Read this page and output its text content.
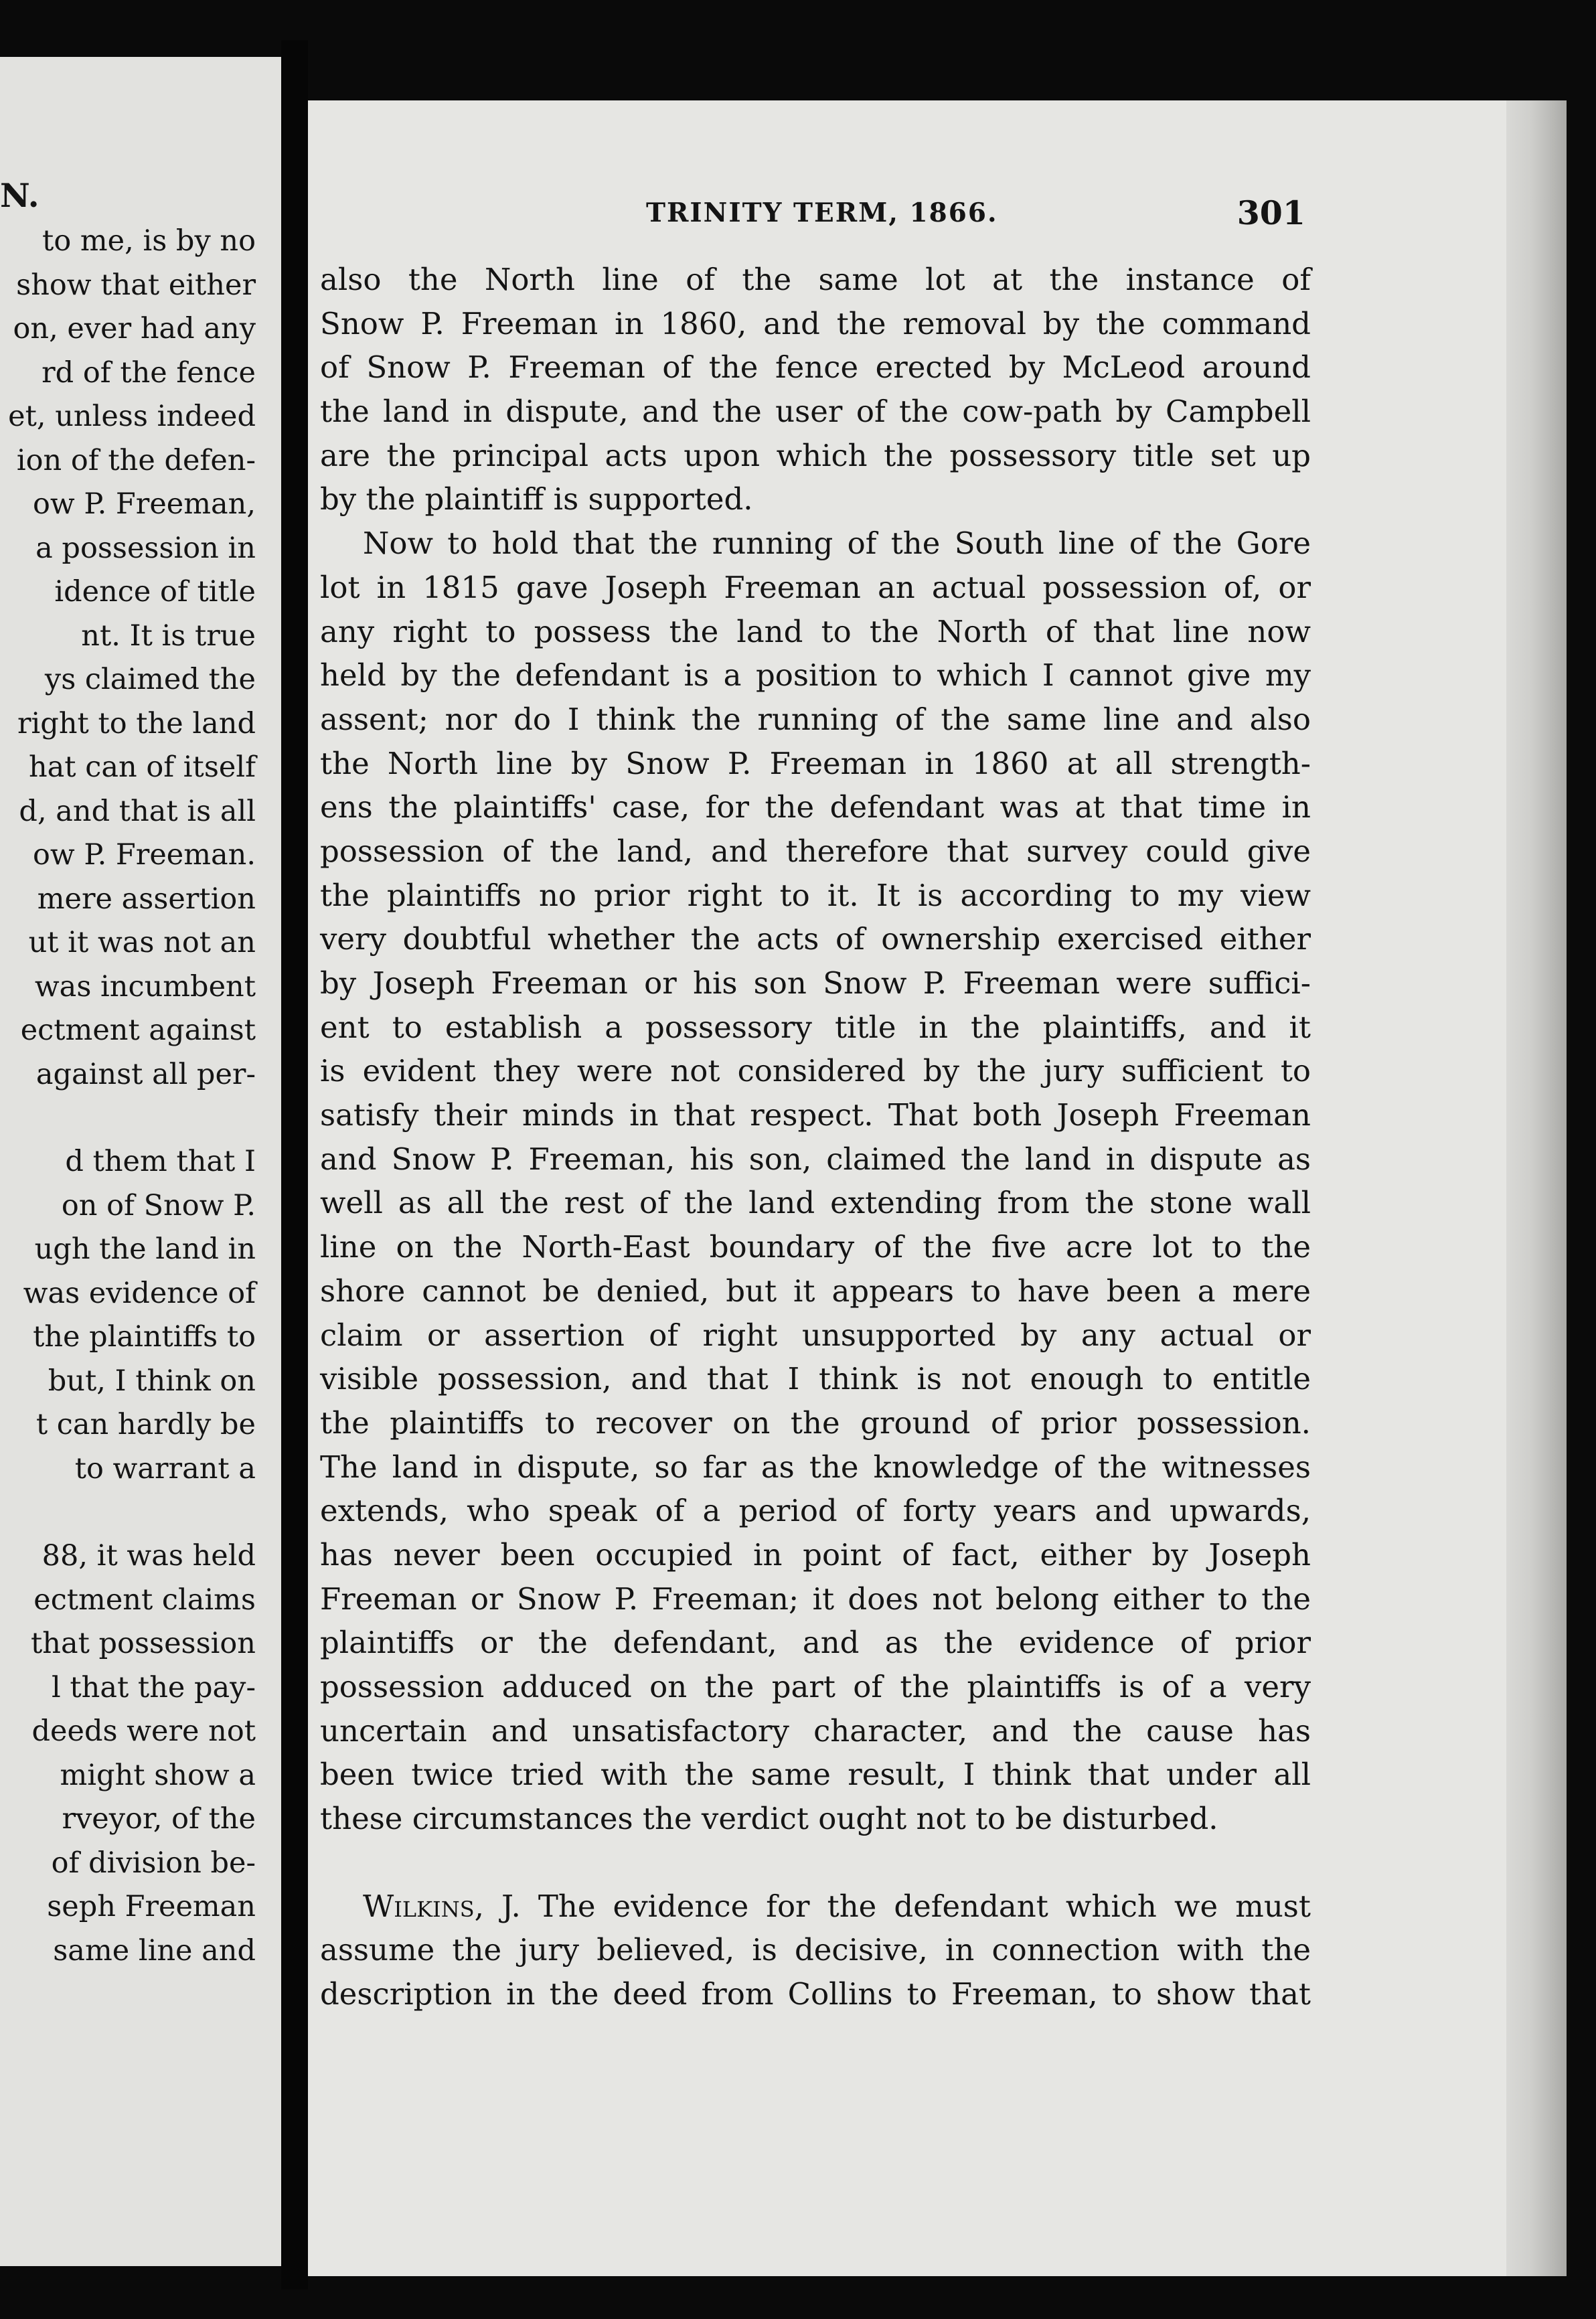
N.
to me, is by no
show that either
on, ever had any
rd of the fence
et, unless indeed
ion of the defen-
ow P. Freeman,
a possession in
idence of title
nt. It is true
ys claimed the
right to the land
hat can of itself
d, and that is all
ow P. Freeman.
mere assertion
ut it was not an
was incumbent
ectment against
against all per-
d them that I
on of Snow P.
ugh the land in
was evidence of
the plaintiffs to
but, I think on
t can hardly be
to warrant a
88, it was held
ectment claims
that possession
l that the pay-
deeds were not
might show a
rveyor, of the
of division be-
seph Freeman
same line and
TRINITY TERM, 1866.	301
also the North line of the same lot at the instance of
Snow P. Freeman in 1860, and the removal by the command
of Snow P. Freeman of the fence erected by McLeod around
the land in dispute, and the user of the cow-path by Campbell
are the principal acts upon which the possessory title set up
by the plaintiff is supported.
Now to hold that the running of the South line of the Gore
lot in 1815 gave Joseph Freeman an actual possession of, or
any right to possess the land to the North of that line now
held by the defendant is a position to which I cannot give my
assent; nor do I think the running of the same line and also
the North line by Snow P. Freeman in 1860 at all strength-
ens the plaintiffs' case, for the defendant was at that time in
possession of the land, and therefore that survey could give
the plaintiffs no prior right to it. It is according to my view
very doubtful whether the acts of ownership exercised either
by Joseph Freeman or his son Snow P. Freeman were suffici-
ent to establish a possessory title in the plaintiffs, and it
is evident they were not considered by the jury sufficient to
satisfy their minds in that respect. That both Joseph Freeman
and Snow P. Freeman, his son, claimed the land in dispute as
well as all the rest of the land extending from the stone wall
line on the North-East boundary of the five acre lot to the
shore cannot be denied, but it appears to have been a mere
claim or assertion of right unsupported by any actual or
visible possession, and that I think is not enough to entitle
the plaintiffs to recover on the ground of prior possession.
The land in dispute, so far as the knowledge of the witnesses
extends, who speak of a period of forty years and upwards,
has never been occupied in point of fact, either by Joseph
Freeman or Snow P. Freeman; it does not belong either to the
plaintiffs or the defendant, and as the evidence of prior
possession adduced on the part of the plaintiffs is of a very
uncertain and unsatisfactory character, and the cause has
been twice tried with the same result, I think that under all
these circumstances the verdict ought not to be disturbed.
Wilkins, J. The evidence for the defendant which we must
assume the jury believed, is decisive, in connection with the
description in the deed from Collins to Freeman, to show that
